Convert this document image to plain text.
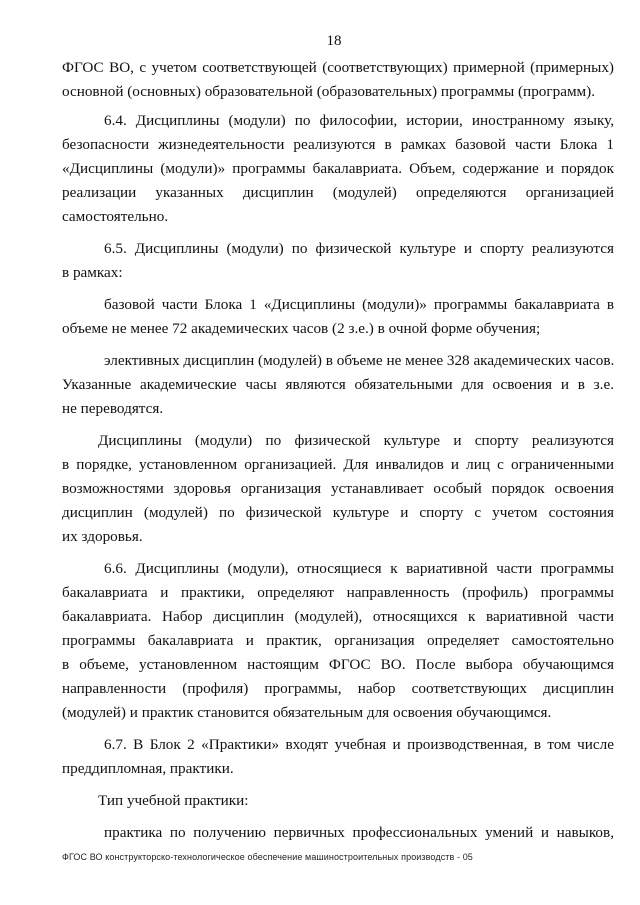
18
ФГОС ВО, с учетом соответствующей (соответствующих) примерной (примерных)
основной (основных) образовательной (образовательных) программы (программ).
6.4. Дисциплины (модули) по философии, истории, иностранному языку,
безопасности жизнедеятельности реализуются в рамках базовой части Блока 1
«Дисциплины (модули)» программы бакалавриата. Объем, содержание и порядок
реализации указанных дисциплин (модулей) определяются организацией
самостоятельно.
6.5. Дисциплины (модули) по физической культуре и спорту реализуются
в рамках:
базовой части Блока 1 «Дисциплины (модули)» программы бакалавриата в
объеме не менее 72 академических часов (2 з.е.) в очной форме обучения;
элективных дисциплин (модулей) в объеме не менее 328 академических часов.
Указанные академические часы являются обязательными для освоения и в з.е.
не переводятся.
Дисциплины (модули) по физической культуре и спорту реализуются
в порядке, установленном организацией. Для инвалидов и лиц с ограниченными
возможностями здоровья организация устанавливает особый порядок освоения
дисциплин (модулей) по физической культуре и спорту с учетом состояния
их здоровья.
6.6. Дисциплины (модули), относящиеся к вариативной части программы
бакалавриата и практики, определяют направленность (профиль) программы
бакалавриата. Набор дисциплин (модулей), относящихся к вариативной части
программы бакалавриата и практик, организация определяет самостоятельно
в объеме, установленном настоящим ФГОС ВО. После выбора обучающимся
направленности (профиля) программы, набор соответствующих дисциплин
(модулей) и практик становится обязательным для освоения обучающимся.
6.7. В Блок 2 «Практики» входят учебная и производственная, в том числе
преддипломная, практики.
Тип учебной практики:
практика по получению первичных профессиональных умений и навыков,
ФГОС ВО конструкторско-технологическое обеспечение машиностроительных производств - 05
